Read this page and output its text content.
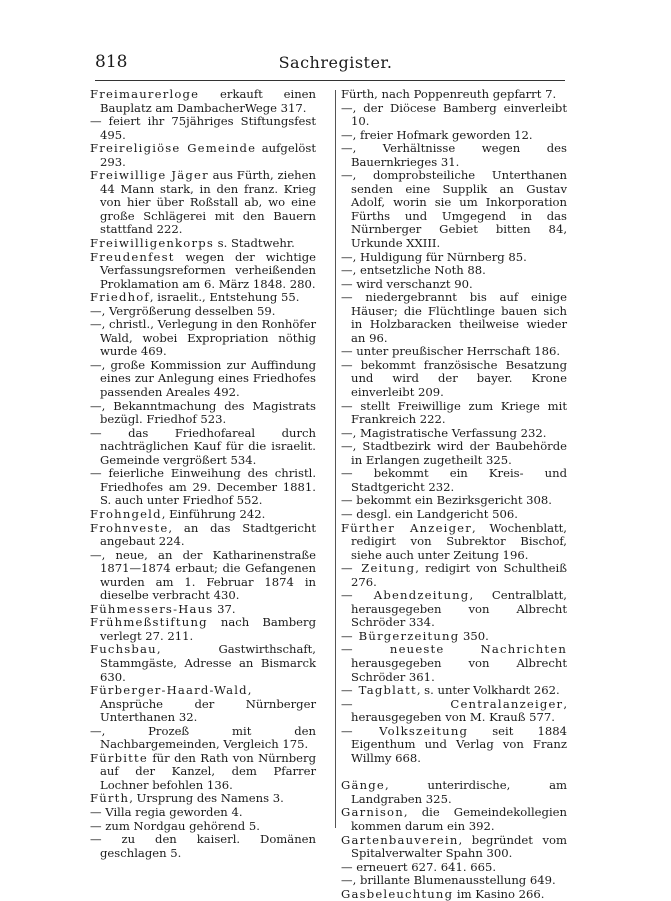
818	Sachregister.

Freimaurerloge erkauft einen Bauplatz am DambacherWege 317.

— feiert ihr 75jähriges Stiftungsfest 495.

Freireligiöse Gemeinde aufgelöst 293.

Freiwillige Jäger aus Fürth, ziehen 44 Mann stark, in den franz. Krieg von hier über Roßstall ab, wo eine große Schlägerei mit den Bauern stattfand 222.

Freiwilligenkorps s. Stadtwehr.

Freudenfest wegen der wichtige Verfassungsreformen verheißenden Proklamation am 6. März 1848. 280.

Friedhof, israelit., Entstehung 55.

—, Vergrößerung desselben 59.

—, christl., Verlegung in den Ronhöfer Wald, wobei Expropriation nöthig wurde 469.

—, große Kommission zur Auffindung eines zur Anlegung eines Friedhofes passenden Areales 492.

—, Bekanntmachung des Magistrats bezügl. Friedhof 523.

— das Friedhofareal durch nachträglichen Kauf für die israelit. Gemeinde vergrößert 534.

— feierliche Einweihung des christl. Friedhofes am 29. December 1881. S. auch unter Friedhof 552.

Frohngeld, Einführung 242.

Frohnveste, an das Stadtgericht angebaut 224.

—, neue, an der Katharinenstraße 1871—1874 erbaut; die Gefangenen wurden am 1. Februar 1874 in dieselbe verbracht 430.

Fühmessers-Haus 37.

Frühmeßstiftung nach Bamberg verlegt 27. 211.

Fuchsbau, Gastwirthschaft, Stammgäste, Adresse an Bismarck 630.

Fürberger-Haard-Wald, Ansprüche der Nürnberger Unterthanen 32.

—, Prozeß mit den Nachbargemeinden, Vergleich 175.

Fürbitte für den Rath von Nürnberg auf der Kanzel, dem Pfarrer Lochner befohlen 136.

Fürth, Ursprung des Namens 3.

— Villa regia geworden 4.

— zum Nordgau gehörend 5.

— zu den kaiserl. Domänen geschlagen 5.

Fürth, nach Poppenreuth gepfarrt 7.

—, der Diöcese Bamberg einverleibt 10.

—, freier Hofmark geworden 12.

—, Verhältnisse wegen des Bauernkrieges 31.

—, domprobsteiliche Unterthanen senden eine Supplik an Gustav Adolf, worin sie um Inkorporation Fürths und Umgegend in das Nürnberger Gebiet bitten 84, Urkunde XXIII.

—, Huldigung für Nürnberg 85.

—, entsetzliche Noth 88.

— wird verschanzt 90.

— niedergebrannt bis auf einige Häuser; die Flüchtlinge bauen sich in Holzbaracken theilweise wieder an 96.

— unter preußischer Herrschaft 186.

— bekommt französische Besatzung und wird der bayer. Krone einverleibt 209.

— stellt Freiwillige zum Kriege mit Frankreich 222.

—, Magistratische Verfassung 232.

—, Stadtbezirk wird der Baubehörde in Erlangen zugetheilt 325.

— bekommt ein Kreis- und Stadtgericht 232.

— bekommt ein Bezirksgericht 308.

— desgl. ein Landgericht 506.

Fürther Anzeiger, Wochenblatt, redigirt von Subrektor Bischof, siehe auch unter Zeitung 196.

— Zeitung, redigirt von Schultheiß 276.

— Abendzeitung, Centralblatt, herausgegeben von Albrecht Schröder 334.

— Bürgerzeitung 350.

— neueste Nachrichten herausgegeben von Albrecht Schröder 361.

— Tagblatt, s. unter Volkhardt 262.

— Centralanzeiger, herausgegeben von M. Krauß 577.

— Volkszeitung seit 1884 Eigenthum und Verlag von Franz Willmy 668.

Gänge, unterirdische, am Landgraben 325.

Garnison, die Gemeindekollegien kommen darum ein 392.

Gartenbauverein, begründet vom Spitalverwalter Spahn 300.

— erneuert 627. 641. 665.

—, brillante Blumenausstellung 649.

Gasbeleuchtung im Kasino 266.
